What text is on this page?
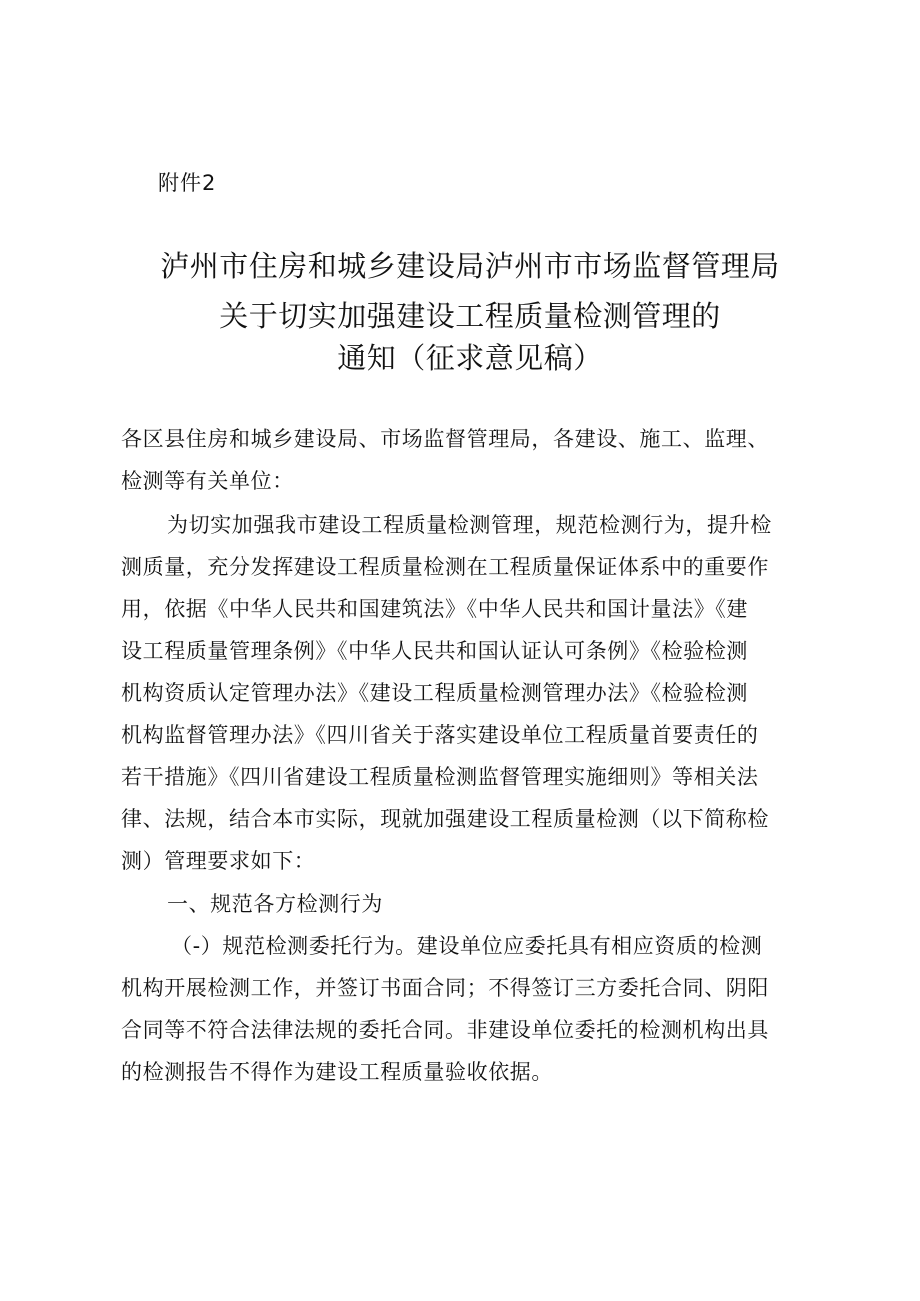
附件2
泸州市住房和城乡建设局泸州市市场监督管理局
关于切实加强建设工程质量检测管理的
通知（征求意见稿）
各区县住房和城乡建设局、市场监督管理局，各建设、施工、监理、
检测等有关单位：
为切实加强我市建设工程质量检测管理，规范检测行为，提升检
测质量，充分发挥建设工程质量检测在工程质量保证体系中的重要作
用，依据《中华人民共和国建筑法》《中华人民共和国计量法》《建
设工程质量管理条例》《中华人民共和国认证认可条例》《检验检测
机构资质认定管理办法》《建设工程质量检测管理办法》《检验检测
机构监督管理办法》《四川省关于落实建设单位工程质量首要责任的
若干措施》《四川省建设工程质量检测监督管理实施细则》等相关法
律、法规，结合本市实际，现就加强建设工程质量检测（以下简称检
测）管理要求如下：
一、规范各方检测行为
（-）规范检测委托行为。建设单位应委托具有相应资质的检测
机构开展检测工作，并签订书面合同；不得签订三方委托合同、阴阳
合同等不符合法律法规的委托合同。非建设单位委托的检测机构出具
的检测报告不得作为建设工程质量验收依据。
